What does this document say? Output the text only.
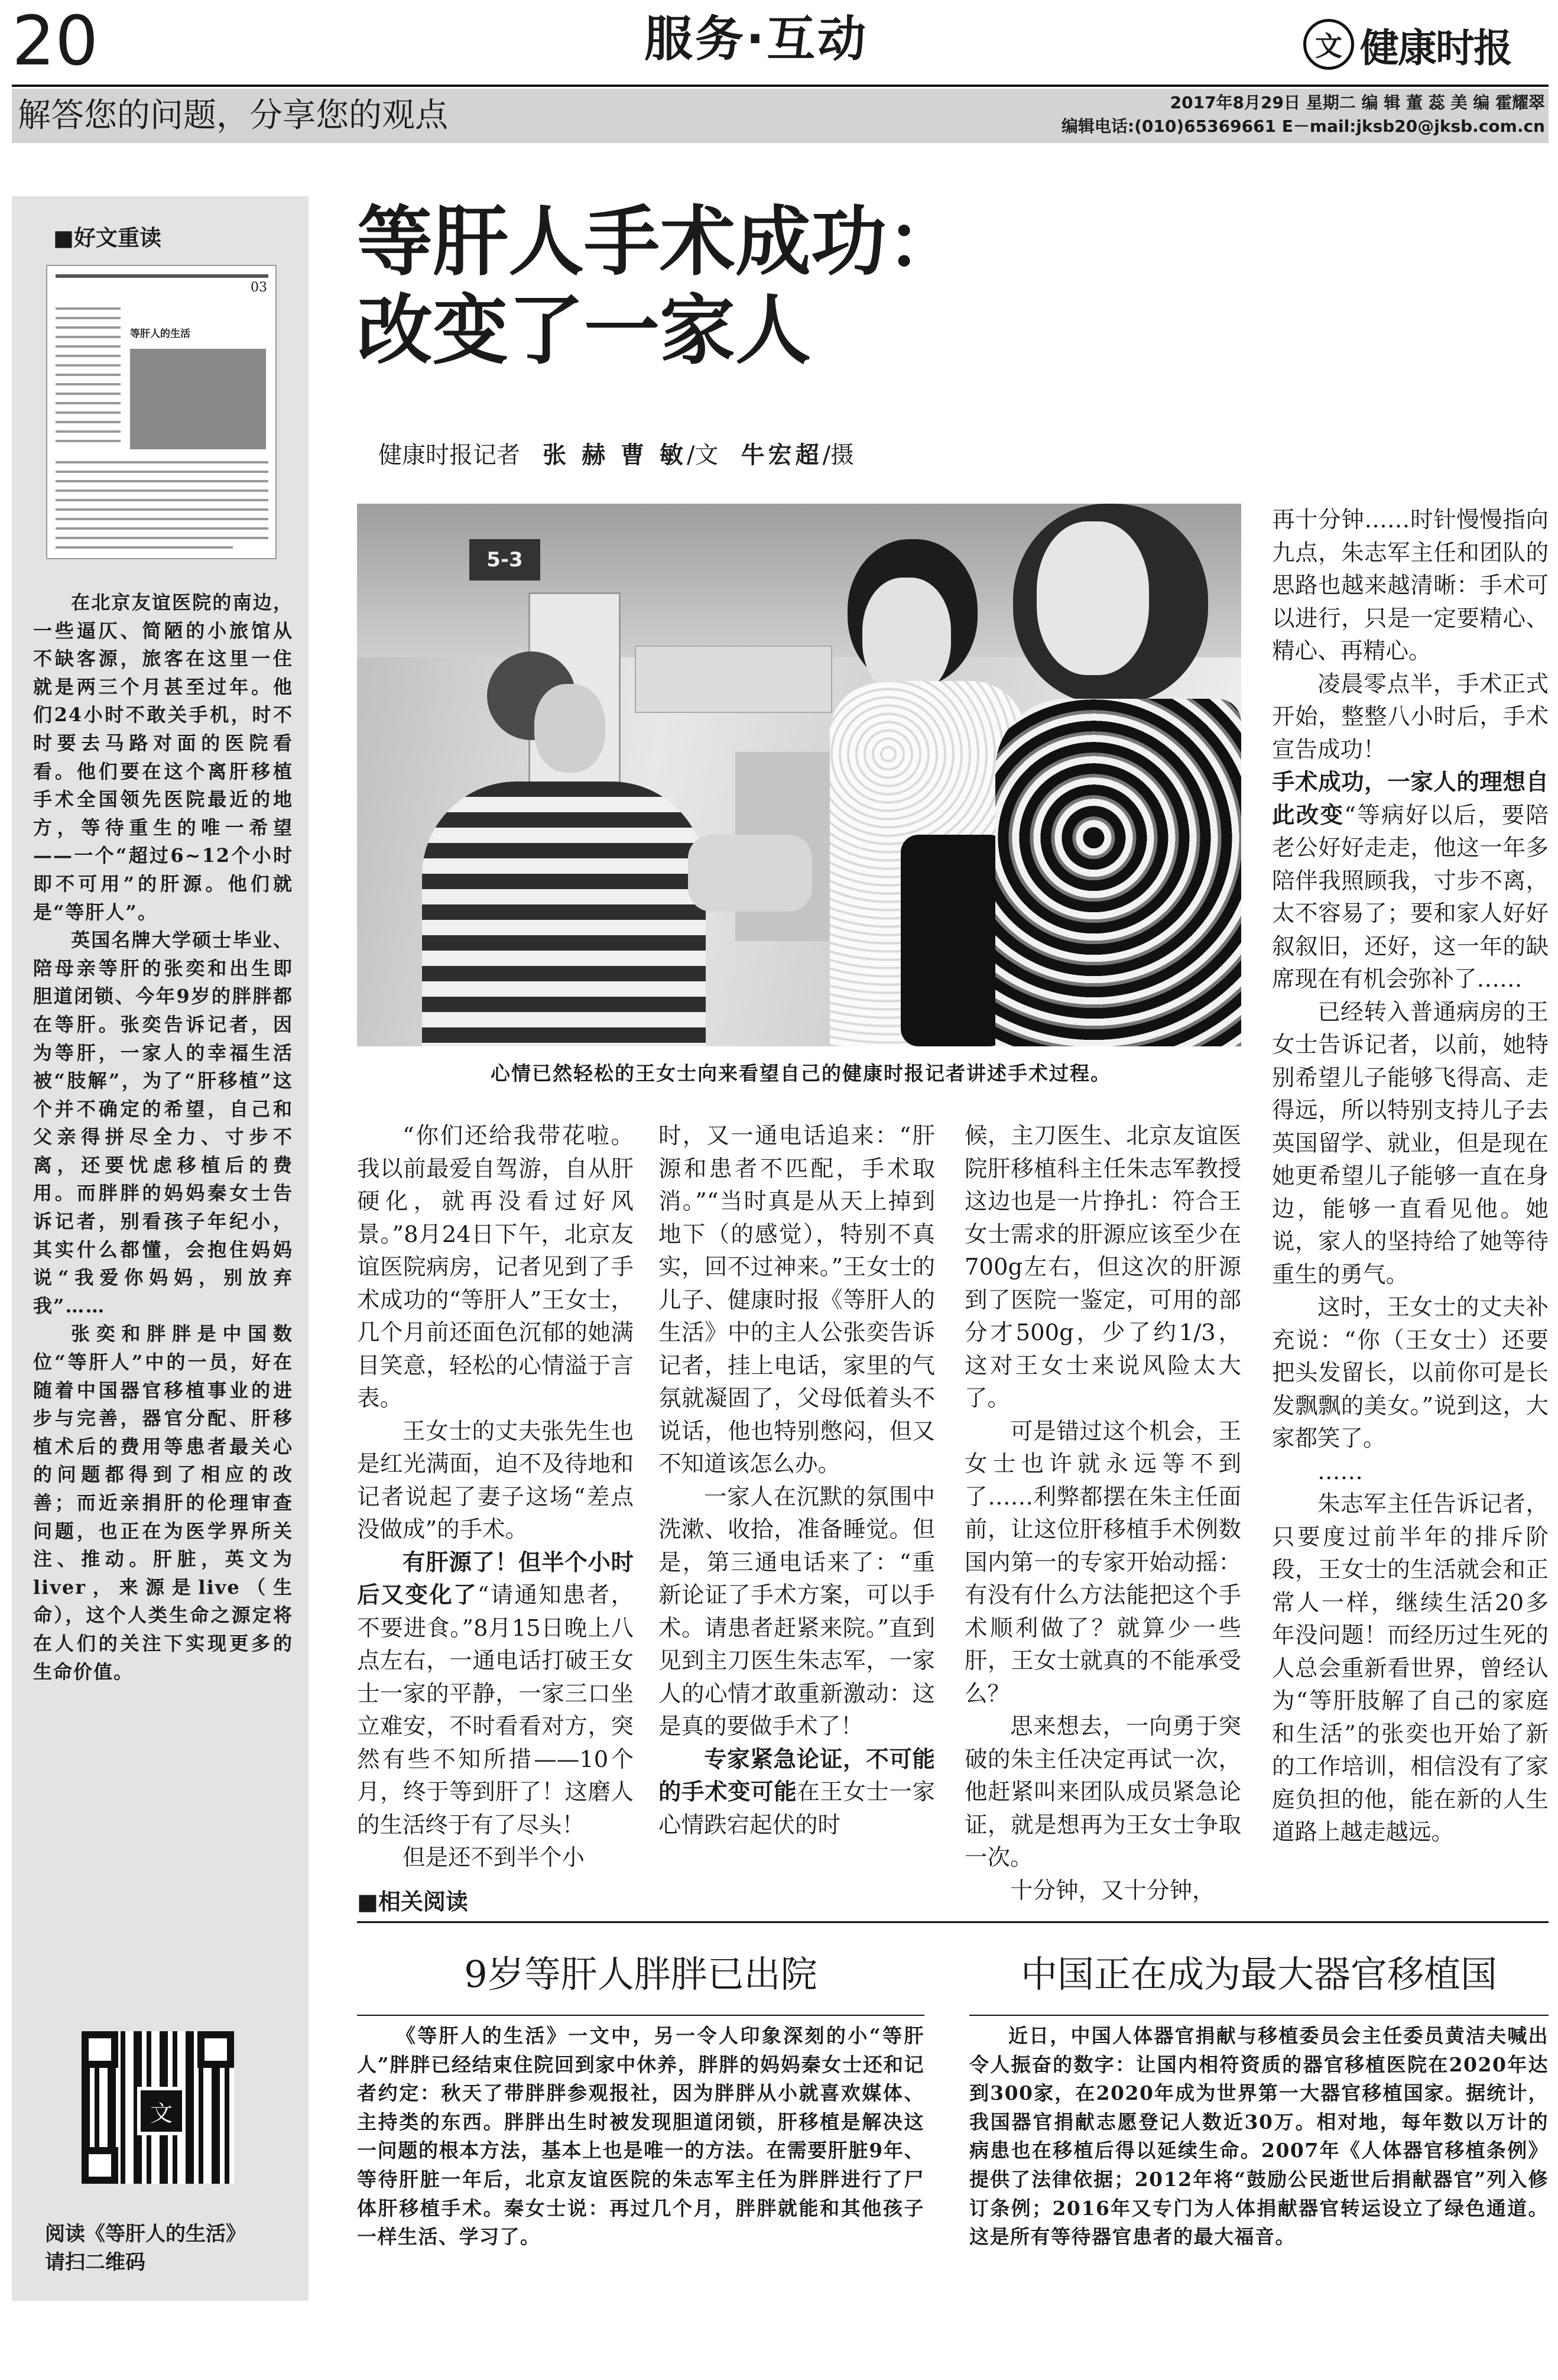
20	服务·互动	文 健康时报
解答您的问题，分享您的观点	2017年8月29日 星期二 编 辑 董 蕊 美 编 霍耀翠
编辑电话:(010)65369661 E－mail:jksb20@jksb.com.cn
■好文重读
03
等肝人的生活

在北京友谊医院的南边，一些逼仄、简陋的小旅馆从不缺客源，旅客在这里一住就是两三个月甚至过年。他们24小时不敢关手机，时不时要去马路对面的医院看看。他们要在这个离肝移植手术全国领先医院最近的地方，等待重生的唯一希望——一个“超过6~12个小时即不可用”的肝源。他们就是“等肝人”。

英国名牌大学硕士毕业、陪母亲等肝的张奕和出生即胆道闭锁、今年9岁的胖胖都在等肝。张奕告诉记者，因为等肝，一家人的幸福生活被“肢解”，为了“肝移植”这个并不确定的希望，自己和父亲得拼尽全力、寸步不离，还要忧虑移植后的费用。而胖胖的妈妈秦女士告诉记者，别看孩子年纪小，其实什么都懂，会抱住妈妈说“我爱你妈妈，别放弃我”……

张奕和胖胖是中国数位“等肝人”中的一员，好在随着中国器官移植事业的进步与完善，器官分配、肝移植术后的费用等患者最关心的问题都得到了相应的改善；而近亲捐肝的伦理审查问题，也正在为医学界所关注、推动。肝脏，英文为liver，来源是live（生命），这个人类生命之源定将在人们的关注下实现更多的生命价值。

文
阅读《等肝人的生活》
请扫二维码
等肝人手术成功：
改变了一家人
健康时报记者 张 赫 曹 敏/文 牛宏超/摄
5-3
心情已然轻松的王女士向来看望自己的健康时报记者讲述手术过程。

“你们还给我带花啦。我以前最爱自驾游，自从肝硬化，就再没看过好风景。”8月24日下午，北京友谊医院病房，记者见到了手术成功的“等肝人”王女士，几个月前还面色沉郁的她满目笑意，轻松的心情溢于言表。

王女士的丈夫张先生也是红光满面，迫不及待地和记者说起了妻子这场“差点没做成”的手术。

有肝源了！但半个小时后又变化了“请通知患者，不要进食。”8月15日晚上八点左右，一通电话打破王女士一家的平静，一家三口坐立难安，不时看看对方，突然有些不知所措——10个月，终于等到肝了！这磨人的生活终于有了尽头！

但是还不到半个小

时，又一通电话追来：“肝源和患者不匹配，手术取消。”“当时真是从天上掉到地下（的感觉），特别不真实，回不过神来。”王女士的儿子、健康时报《等肝人的生活》中的主人公张奕告诉记者，挂上电话，家里的气氛就凝固了，父母低着头不说话，他也特别憋闷，但又不知道该怎么办。

一家人在沉默的氛围中洗漱、收拾，准备睡觉。但是，第三通电话来了：“重新论证了手术方案，可以手术。请患者赶紧来院。”直到见到主刀医生朱志军，一家人的心情才敢重新激动：这是真的要做手术了！

专家紧急论证，不可能的手术变可能在王女士一家心情跌宕起伏的时

候，主刀医生、北京友谊医院肝移植科主任朱志军教授这边也是一片挣扎：符合王女士需求的肝源应该至少在700g左右，但这次的肝源到了医院一鉴定，可用的部分才500g，少了约1/3，这对王女士来说风险太大了。

可是错过这个机会，王女士也许就永远等不到了……利弊都摆在朱主任面前，让这位肝移植手术例数国内第一的专家开始动摇：有没有什么方法能把这个手术顺利做了？就算少一些肝，王女士就真的不能承受么？

思来想去，一向勇于突破的朱主任决定再试一次，他赶紧叫来团队成员紧急论证，就是想再为王女士争取一次。

十分钟，又十分钟，

再十分钟……时针慢慢指向九点，朱志军主任和团队的思路也越来越清晰：手术可以进行，只是一定要精心、精心、再精心。

凌晨零点半，手术正式开始，整整八小时后，手术宣告成功！

手术成功，一家人的理想自此改变“等病好以后，要陪老公好好走走，他这一年多陪伴我照顾我，寸步不离，太不容易了；要和家人好好叙叙旧，还好，这一年的缺席现在有机会弥补了……

已经转入普通病房的王女士告诉记者，以前，她特别希望儿子能够飞得高、走得远，所以特别支持儿子去英国留学、就业，但是现在她更希望儿子能够一直在身边，能够一直看见他。她说，家人的坚持给了她等待重生的勇气。

这时，王女士的丈夫补充说：“你（王女士）还要把头发留长，以前你可是长发飘飘的美女。”说到这，大家都笑了。

……

朱志军主任告诉记者，只要度过前半年的排斥阶段，王女士的生活就会和正常人一样，继续生活20多年没问题！而经历过生死的人总会重新看世界，曾经认为“等肝肢解了自己的家庭和生活”的张奕也开始了新的工作培训，相信没有了家庭负担的他，能在新的人生道路上越走越远。

■相关阅读
9岁等肝人胖胖已出院	中国正在成为最大器官移植国

《等肝人的生活》一文中，另一令人印象深刻的小“等肝人”胖胖已经结束住院回到家中休养，胖胖的妈妈秦女士还和记者约定：秋天了带胖胖参观报社，因为胖胖从小就喜欢媒体、主持类的东西。胖胖出生时被发现胆道闭锁，肝移植是解决这一问题的根本方法，基本上也是唯一的方法。在需要肝脏9年、等待肝脏一年后，北京友谊医院的朱志军主任为胖胖进行了尸体肝移植手术。秦女士说：再过几个月，胖胖就能和其他孩子一样生活、学习了。

近日，中国人体器官捐献与移植委员会主任委员黄洁夫喊出令人振奋的数字：让国内相符资质的器官移植医院在2020年达到300家，在2020年成为世界第一大器官移植国家。据统计，我国器官捐献志愿登记人数近30万。相对地，每年数以万计的病患也在移植后得以延续生命。2007年《人体器官移植条例》提供了法律依据；2012年将“鼓励公民逝世后捐献器官”列入修订条例；2016年又专门为人体捐献器官转运设立了绿色通道。这是所有等待器官患者的最大福音。
